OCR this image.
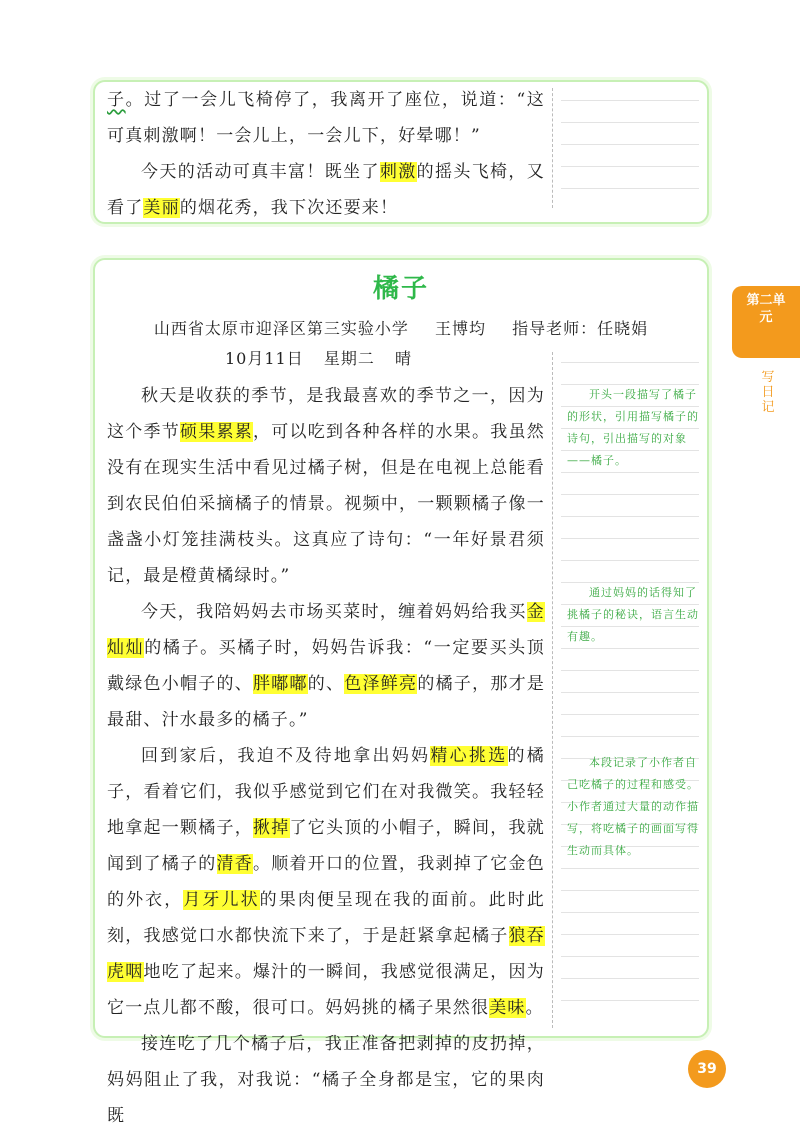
子。过了一会儿飞椅停了，我离开了座位，说道：“这可真刺激啊！一会儿上，一会儿下，好晕哪！”

今天的活动可真丰富！既坐了刺激的摇头飞椅，又看了美丽的烟花秀，我下次还要来！

橘子
山西省太原市迎泽区第三实验小学 王博均 指导老师：任晓娟
10月11日 星期二 晴

秋天是收获的季节，是我最喜欢的季节之一，因为这个季节硕果累累，可以吃到各种各样的水果。我虽然没有在现实生活中看见过橘子树，但是在电视上总能看到农民伯伯采摘橘子的情景。视频中，一颗颗橘子像一盏盏小灯笼挂满枝头。这真应了诗句：“一年好景君须记，最是橙黄橘绿时。”

今天，我陪妈妈去市场买菜时，缠着妈妈给我买金灿灿的橘子。买橘子时，妈妈告诉我：“一定要买头顶戴绿色小帽子的、胖嘟嘟的、色泽鲜亮的橘子，那才是最甜、汁水最多的橘子。”

回到家后，我迫不及待地拿出妈妈精心挑选的橘子，看着它们，我似乎感觉到它们在对我微笑。我轻轻地拿起一颗橘子，揪掉了它头顶的小帽子，瞬间，我就闻到了橘子的清香。顺着开口的位置，我剥掉了它金色的外衣，月牙儿状的果肉便呈现在我的面前。此时此刻，我感觉口水都快流下来了，于是赶紧拿起橘子狼吞虎咽地吃了起来。爆汁的一瞬间，我感觉很满足，因为它一点儿都不酸，很可口。妈妈挑的橘子果然很美味。

接连吃了几个橘子后，我正准备把剥掉的皮扔掉，妈妈阻止了我，对我说：“橘子全身都是宝，它的果肉既

开头一段描写了橘子的形状，引用描写橘子的诗句，引出描写的对象——橘子。
通过妈妈的话得知了挑橘子的秘诀，语言生动有趣。
本段记录了小作者自己吃橘子的过程和感受。小作者通过大量的动作描写，将吃橘子的画面写得生动而具体。
第二单元
写日记
39
